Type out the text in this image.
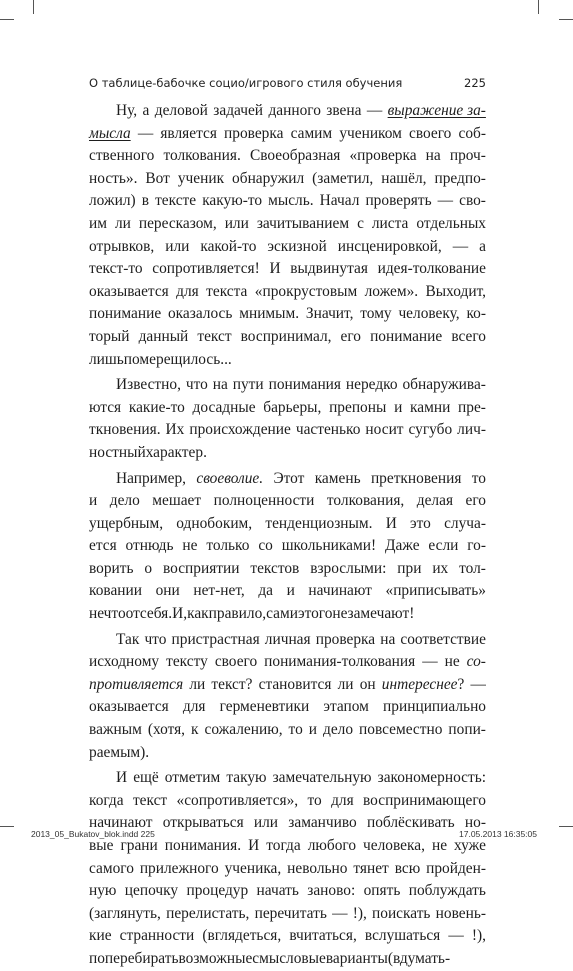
О таблице-бабочке социо/игрового стиля обучения	225
Ну, а деловой задачей данного звена — выражение за-
мысла — является проверка самим учеником своего соб-
ственного толкования. Своеобразная «проверка на проч-
ность». Вот ученик обнаружил (заметил, нашёл, предпо-
ложил) в тексте какую-то мысль. Начал проверять — сво-
им ли пересказом, или зачитыванием с листа отдельных
отрывков, или какой-то эскизной инсценировкой, — а
текст-то сопротивляется! И выдвинутая идея-толкование
оказывается для текста «прокрустовым ложем». Выходит,
понимание оказалось мнимым. Значит, тому человеку, ко-
торый данный текст воспринимал, его понимание всего
лишь померещилось...
Известно, что на пути понимания нередко обнаружива-
ются какие-то досадные барьеры, препоны и камни пре-
ткновения. Их происхождение частенько носит сугубо лич-
ностный характер.
Например, своеволие. Этот камень преткновения то
и дело мешает полноценности толкования, делая его
ущербным, однобоким, тенденциозным. И это случа-
ется отнюдь не только со школьниками! Даже если го-
ворить о восприятии текстов взрослыми: при их тол-
ковании они нет-нет, да и начинают «приписывать»
нечто от себя. И, как правило, сами этого не замечают!
Так что пристрастная личная проверка на соответствие
исходному тексту своего понимания-толкования — не со-
противляется ли текст? становится ли он интереснее? —
оказывается для герменевтики этапом принципиально
важным (хотя, к сожалению, то и дело повсеместно попи-
раемым).
И ещё отметим такую замечательную закономерность:
когда текст «сопротивляется», то для воспринимающего
начинают открываться или заманчиво поблёскивать но-
вые грани понимания. И тогда любого человека, не хуже
самого прилежного ученика, невольно тянет всю пройден-
ную цепочку процедур начать заново: опять поблуждать
(заглянуть, перелистать, перечитать — !), поискать новень-
кие странности (вглядеться, вчитаться, вслушаться — !),
поперебирать возможные смысловые варианты (вдумать-
2013_05_Bukatov_blok.indd 225	17.05.2013 16:35:05
